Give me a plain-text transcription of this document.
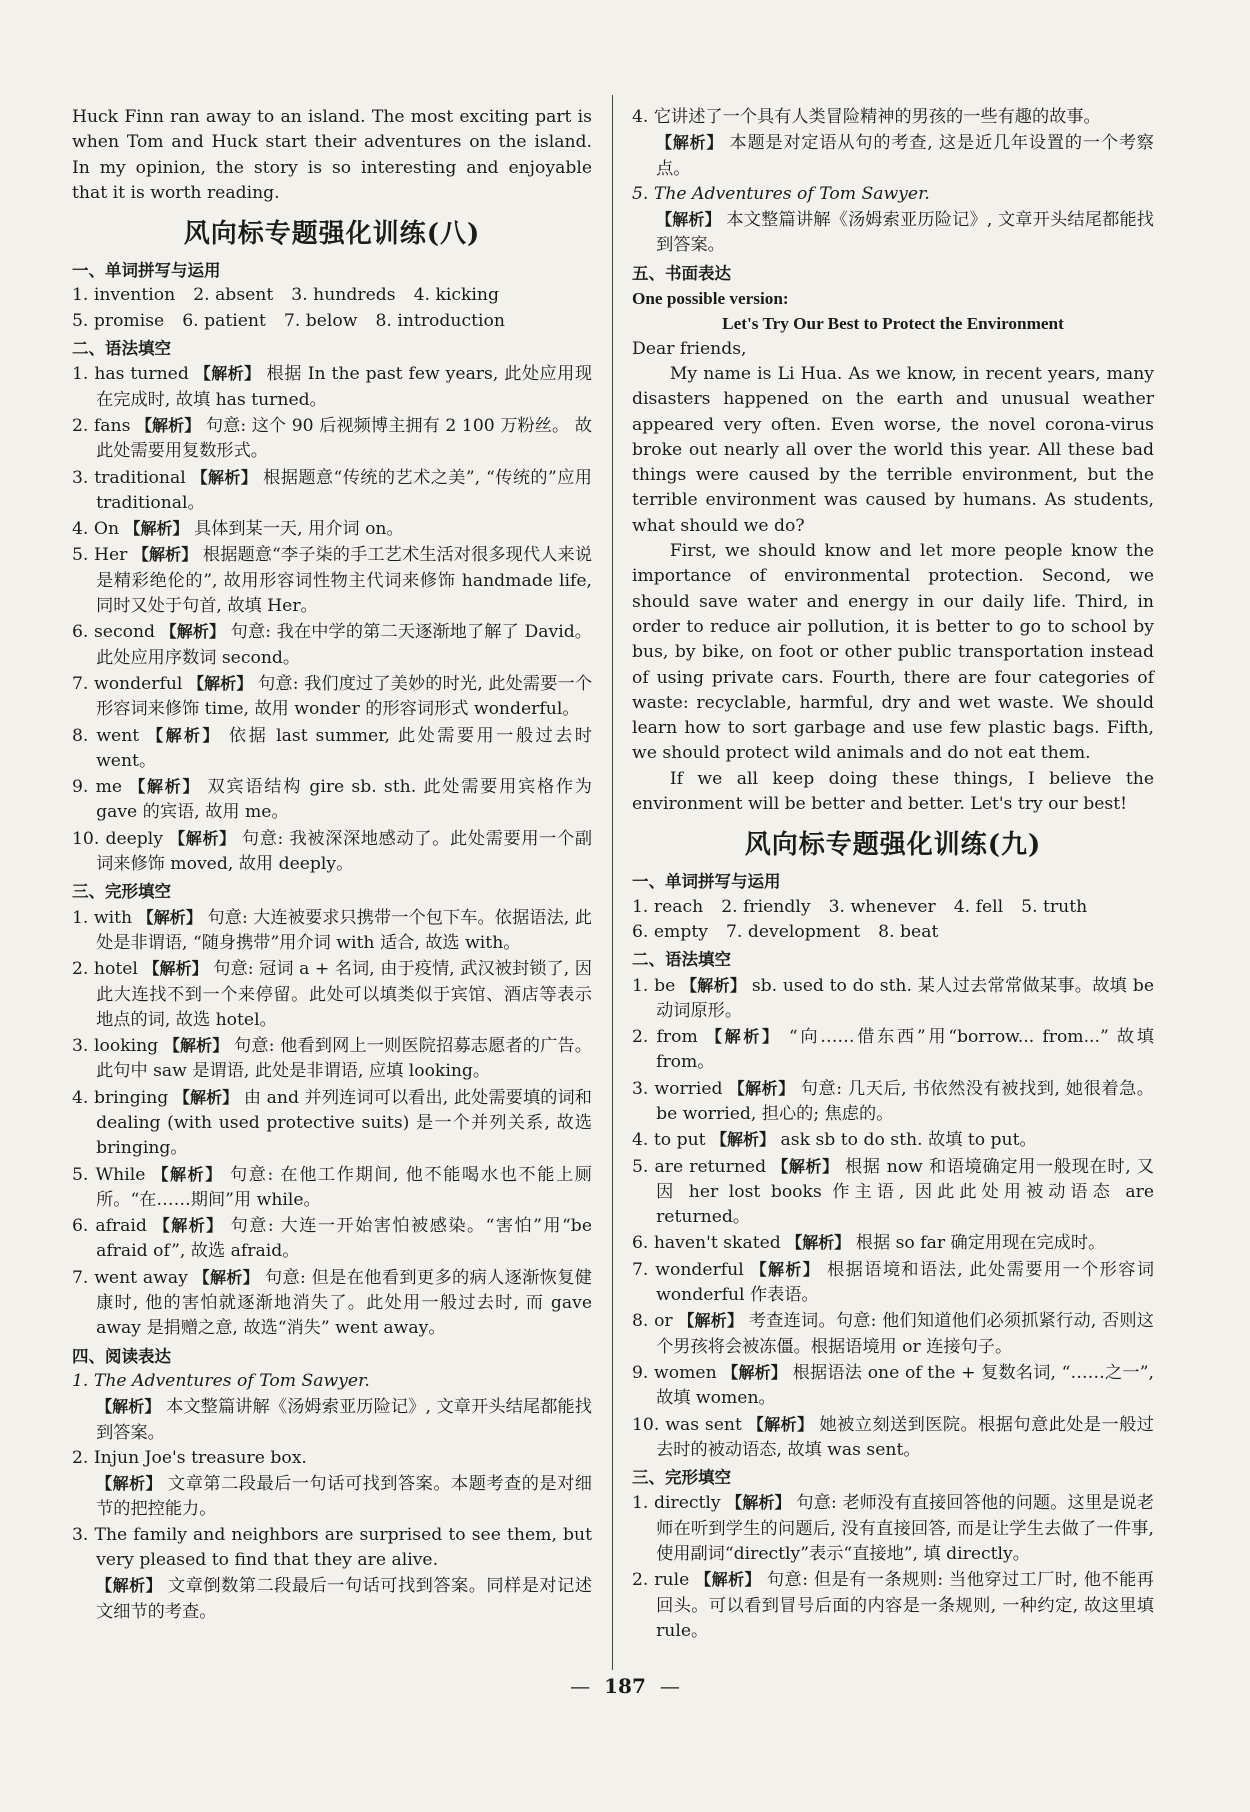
Huck Finn ran away to an island. The most exciting part is when Tom and Huck start their adventures on the island. In my opinion, the story is so interesting and enjoyable that it is worth reading.

风向标专题强化训练(八)
一、单词拼写与运用
1. invention 2. absent 3. hundreds 4. kicking
5. promise 6. patient 7. below 8. introduction
二、语法填空

1. has turned 【解析】 根据 In the past few years, 此处应用现在完成时, 故填 has turned。

2. fans 【解析】 句意: 这个 90 后视频博主拥有 2 100 万粉丝。 故此处需要用复数形式。

3. traditional 【解析】 根据题意“传统的艺术之美”, “传统的”应用 traditional。

4. On 【解析】 具体到某一天, 用介词 on。

5. Her 【解析】 根据题意“李子柒的手工艺术生活对很多现代人来说是精彩绝伦的”, 故用形容词性物主代词来修饰 handmade life, 同时又处于句首, 故填 Her。

6. second 【解析】 句意: 我在中学的第二天逐渐地了解了 David。此处应用序数词 second。

7. wonderful 【解析】 句意: 我们度过了美妙的时光, 此处需要一个形容词来修饰 time, 故用 wonder 的形容词形式 wonderful。

8. went 【解析】 依据 last summer, 此处需要用一般过去时 went。

9. me 【解析】 双宾语结构 gire sb. sth. 此处需要用宾格作为 gave 的宾语, 故用 me。

10. deeply 【解析】 句意: 我被深深地感动了。此处需要用一个副词来修饰 moved, 故用 deeply。

三、完形填空

1. with 【解析】 句意: 大连被要求只携带一个包下车。依据语法, 此处是非谓语, “随身携带”用介词 with 适合, 故选 with。

2. hotel 【解析】 句意: 冠词 a + 名词, 由于疫情, 武汉被封锁了, 因此大连找不到一个来停留。此处可以填类似于宾馆、酒店等表示地点的词, 故选 hotel。

3. looking 【解析】 句意: 他看到网上一则医院招募志愿者的广告。此句中 saw 是谓语, 此处是非谓语, 应填 looking。

4. bringing 【解析】 由 and 并列连词可以看出, 此处需要填的词和 dealing (with used protective suits) 是一个并列关系, 故选 bringing。

5. While 【解析】 句意: 在他工作期间, 他不能喝水也不能上厕所。“在……期间”用 while。

6. afraid 【解析】 句意: 大连一开始害怕被感染。“害怕”用“be afraid of”, 故选 afraid。

7. went away 【解析】 句意: 但是在他看到更多的病人逐渐恢复健康时, 他的害怕就逐渐地消失了。此处用一般过去时, 而 gave away 是捐赠之意, 故选“消失” went away。

四、阅读表达

1. The Adventures of Tom Sawyer.

【解析】 本文整篇讲解《汤姆索亚历险记》, 文章开头结尾都能找到答案。

2. Injun Joe's treasure box.

【解析】 文章第二段最后一句话可找到答案。本题考查的是对细节的把控能力。

3. The family and neighbors are surprised to see them, but very pleased to find that they are alive.

【解析】 文章倒数第二段最后一句话可找到答案。同样是对记述文细节的考查。

4. 它讲述了一个具有人类冒险精神的男孩的一些有趣的故事。

【解析】 本题是对定语从句的考查, 这是近几年设置的一个考察点。

5. The Adventures of Tom Sawyer.

【解析】 本文整篇讲解《汤姆索亚历险记》, 文章开头结尾都能找到答案。

五、书面表达
One possible version:
Let's Try Our Best to Protect the Environment

Dear friends,

My name is Li Hua. As we know, in recent years, many disasters happened on the earth and unusual weather appeared very often. Even worse, the novel corona-virus broke out nearly all over the world this year. All these bad things were caused by the terrible environment, but the terrible environment was caused by humans. As students, what should we do?

First, we should know and let more people know the importance of environmental protection. Second, we should save water and energy in our daily life. Third, in order to reduce air pollution, it is better to go to school by bus, by bike, on foot or other public transportation instead of using private cars. Fourth, there are four categories of waste: recyclable, harmful, dry and wet waste. We should learn how to sort garbage and use few plastic bags. Fifth, we should protect wild animals and do not eat them.

If we all keep doing these things, I believe the environment will be better and better. Let's try our best!

风向标专题强化训练(九)
一、单词拼写与运用
1. reach 2. friendly 3. whenever 4. fell 5. truth
6. empty 7. development 8. beat
二、语法填空

1. be 【解析】 sb. used to do sth. 某人过去常常做某事。故填 be 动词原形。

2. from 【解析】 “向……借东西”用“borrow... from...” 故填 from。

3. worried 【解析】 句意: 几天后, 书依然没有被找到, 她很着急。be worried, 担心的; 焦虑的。

4. to put 【解析】 ask sb to do sth. 故填 to put。

5. are returned 【解析】 根据 now 和语境确定用一般现在时, 又因 her lost books 作主语, 因此此处用被动语态 are returned。

6. haven't skated 【解析】 根据 so far 确定用现在完成时。

7. wonderful 【解析】 根据语境和语法, 此处需要用一个形容词 wonderful 作表语。

8. or 【解析】 考查连词。句意: 他们知道他们必须抓紧行动, 否则这个男孩将会被冻僵。根据语境用 or 连接句子。

9. women 【解析】 根据语法 one of the + 复数名词, “……之一”, 故填 women。

10. was sent 【解析】 她被立刻送到医院。根据句意此处是一般过去时的被动语态, 故填 was sent。

三、完形填空

1. directly 【解析】 句意: 老师没有直接回答他的问题。这里是说老师在听到学生的问题后, 没有直接回答, 而是让学生去做了一件事, 使用副词“directly”表示“直接地”, 填 directly。

2. rule 【解析】 句意: 但是有一条规则: 当他穿过工厂时, 他不能再回头。可以看到冒号后面的内容是一条规则, 一种约定, 故这里填 rule。

— 187 —
